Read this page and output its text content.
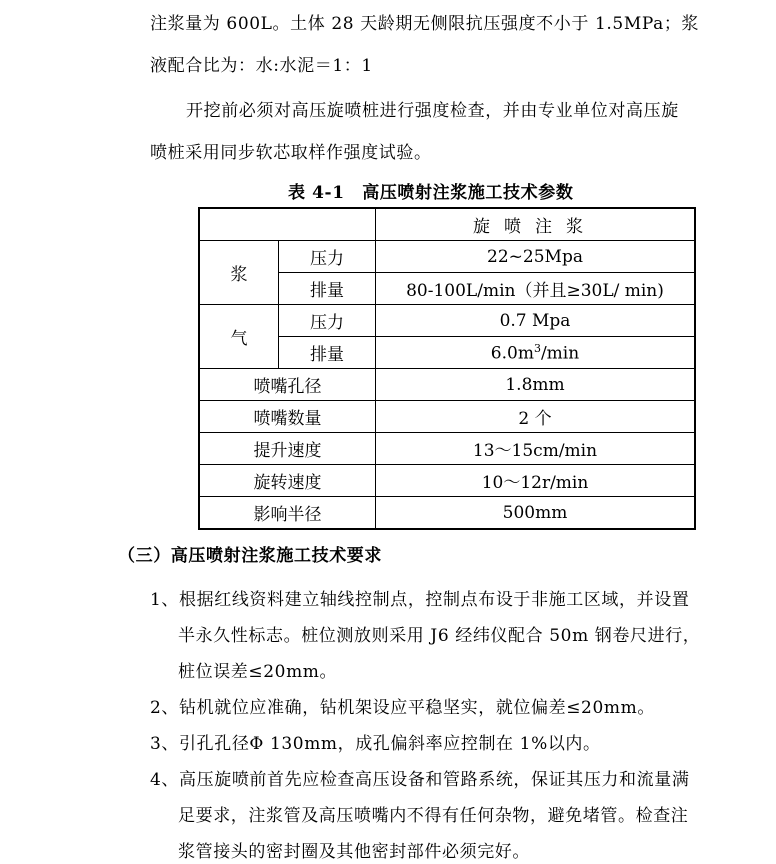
注浆量为 600L。土体 28 天龄期无侧限抗压强度不小于 1.5MPa；浆
液配合比为：水:水泥＝1：1
开挖前必须对高压旋喷桩进行强度检查，并由专业单位对高压旋
喷桩采用同步软芯取样作强度试验。
表 4-1　高压喷射注浆施工技术参数
		旋喷注浆
浆	压力	22~25Mpa
	排量	80-100L/min（并且≥30L/ min)
气	压力	0.7 Mpa
	排量	$6.0m^3/\min$
喷嘴孔径		1.8mm
喷嘴数量		2 个
提升速度		13～15cm/min
旋转速度		10～12r/min
影响半径		500mm
（三）高压喷射注浆施工技术要求
1、根据红线资料建立轴线控制点，控制点布设于非施工区域，并设置
半永久性标志。桩位测放则采用 J6 经纬仪配合 50m 钢卷尺进行，
桩位误差≤20mm。
2、钻机就位应准确，钻机架设应平稳坚实，就位偏差≤20mm。
3、引孔孔径Φ 130mm，成孔偏斜率应控制在 1%以内。
4、高压旋喷前首先应检查高压设备和管路系统，保证其压力和流量满
足要求，注浆管及高压喷嘴内不得有任何杂物，避免堵管。检查注
浆管接头的密封圈及其他密封部件必须完好。
